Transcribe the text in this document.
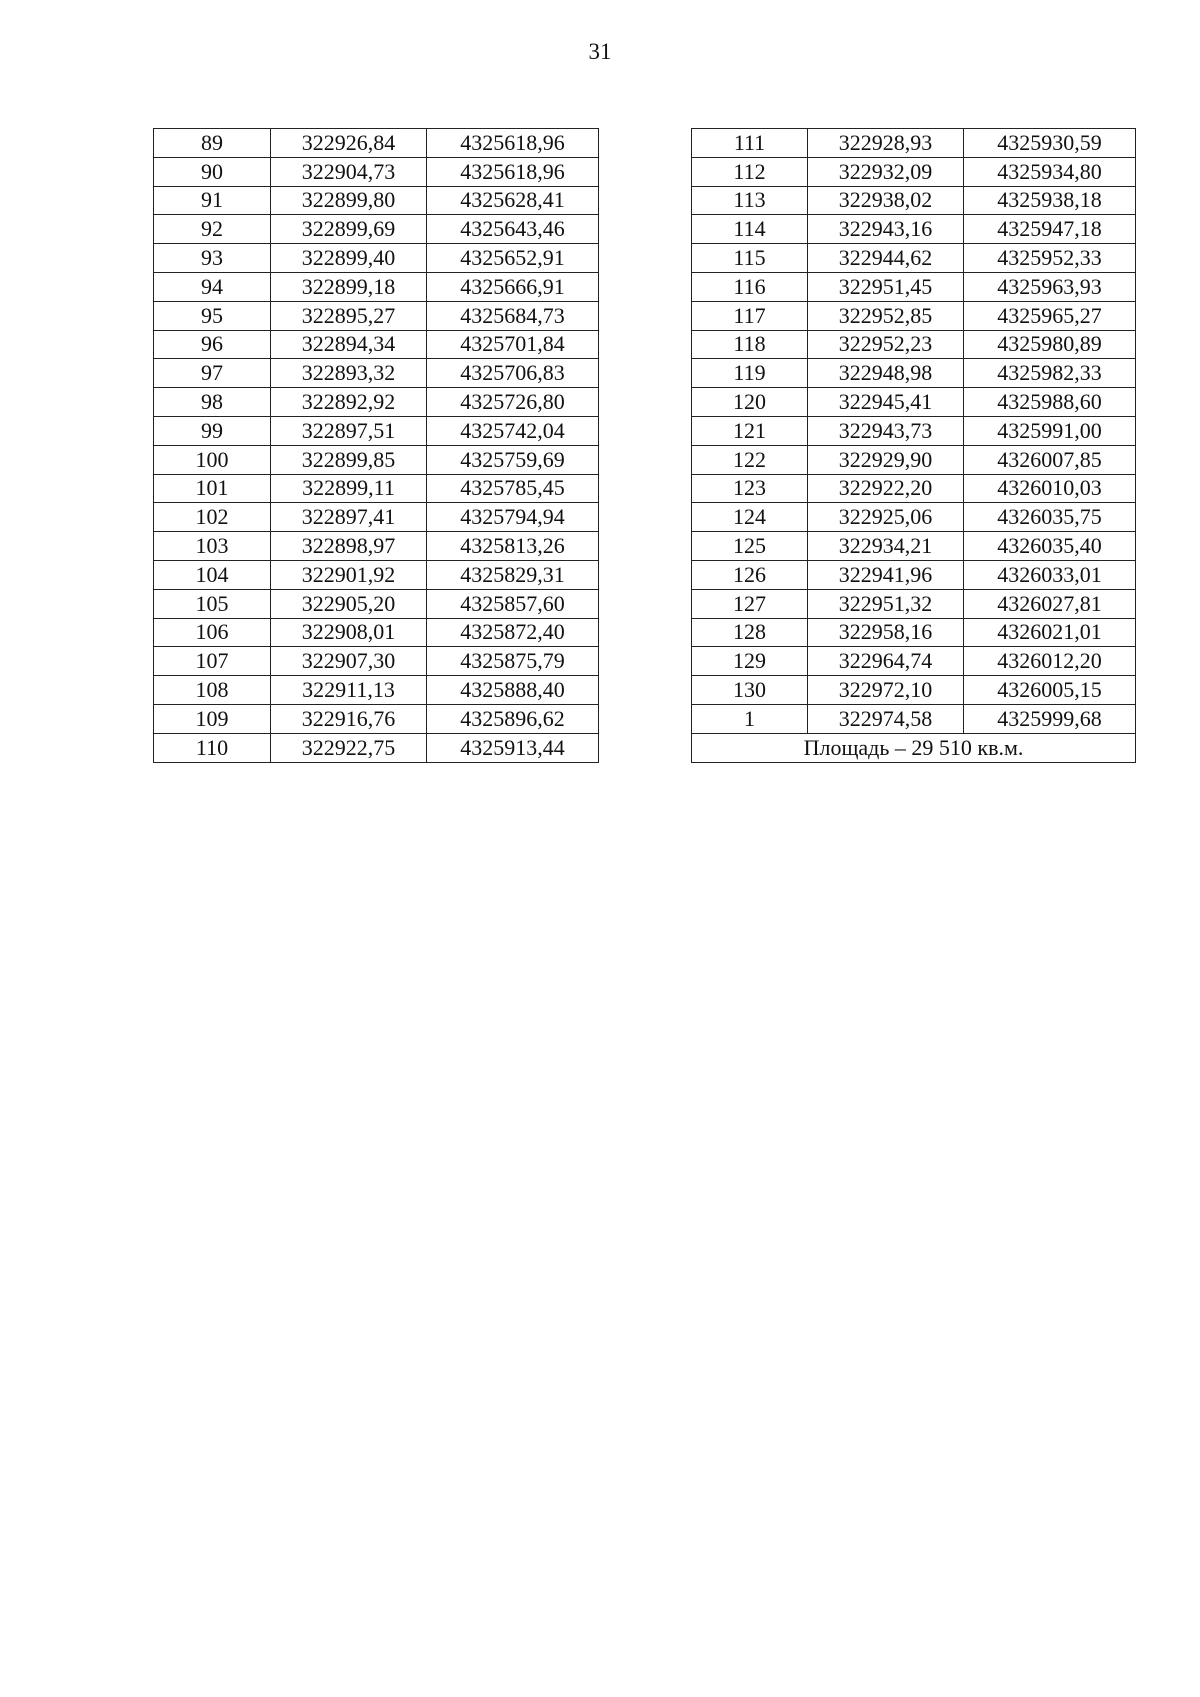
31
89	322926,84	4325618,96
90	322904,73	4325618,96
91	322899,80	4325628,41
92	322899,69	4325643,46
93	322899,40	4325652,91
94	322899,18	4325666,91
95	322895,27	4325684,73
96	322894,34	4325701,84
97	322893,32	4325706,83
98	322892,92	4325726,80
99	322897,51	4325742,04
100	322899,85	4325759,69
101	322899,11	4325785,45
102	322897,41	4325794,94
103	322898,97	4325813,26
104	322901,92	4325829,31
105	322905,20	4325857,60
106	322908,01	4325872,40
107	322907,30	4325875,79
108	322911,13	4325888,40
109	322916,76	4325896,62
110	322922,75	4325913,44
111	322928,93	4325930,59
112	322932,09	4325934,80
113	322938,02	4325938,18
114	322943,16	4325947,18
115	322944,62	4325952,33
116	322951,45	4325963,93
117	322952,85	4325965,27
118	322952,23	4325980,89
119	322948,98	4325982,33
120	322945,41	4325988,60
121	322943,73	4325991,00
122	322929,90	4326007,85
123	322922,20	4326010,03
124	322925,06	4326035,75
125	322934,21	4326035,40
126	322941,96	4326033,01
127	322951,32	4326027,81
128	322958,16	4326021,01
129	322964,74	4326012,20
130	322972,10	4326005,15
1	322974,58	4325999,68
Площадь – 29 510 кв.м.		
